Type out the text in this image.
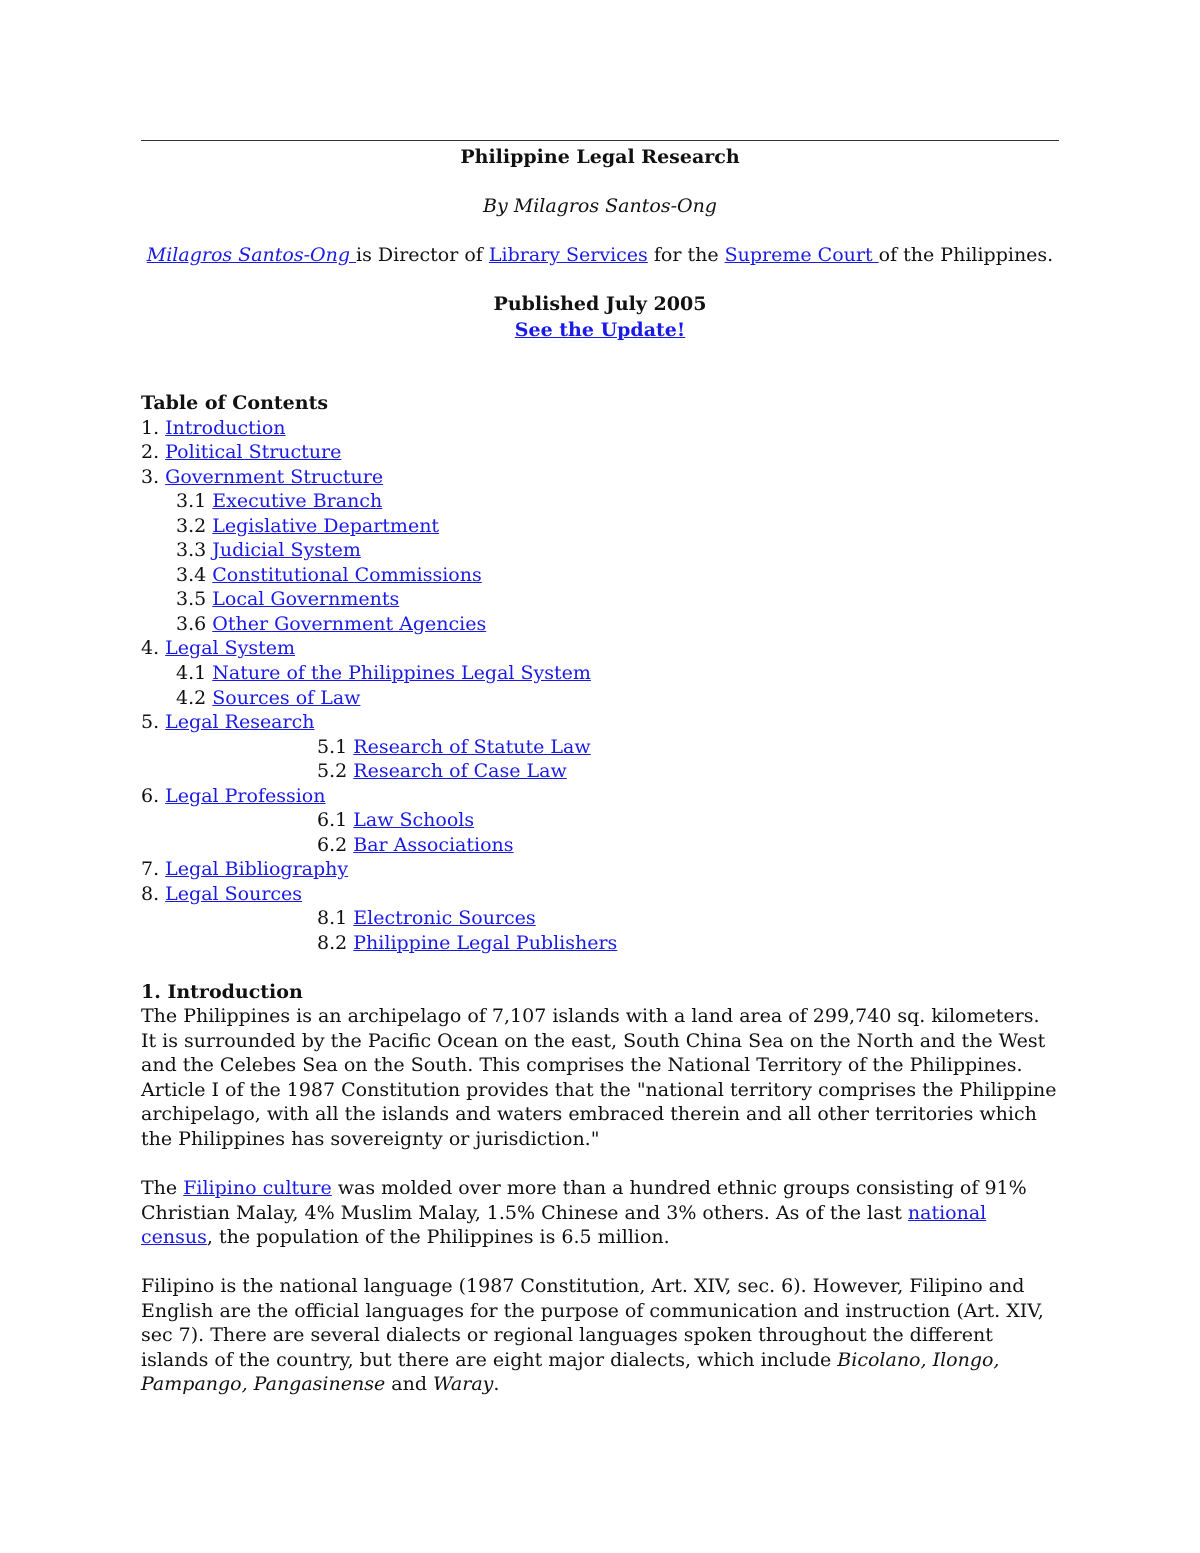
Philippine Legal Research
By Milagros Santos-Ong
Milagros Santos-Ong is Director of Library Services for the Supreme Court of the Philippines.
Published July 2005
See the Update!
Table of Contents
1. Introduction
2. Political Structure
3. Government Structure
3.1 Executive Branch
3.2 Legislative Department
3.3 Judicial System
3.4 Constitutional Commissions
3.5 Local Governments
3.6 Other Government Agencies
4. Legal System
4.1 Nature of the Philippines Legal System
4.2 Sources of Law
5. Legal Research
5.1 Research of Statute Law
5.2 Research of Case Law
6. Legal Profession
6.1 Law Schools
6.2 Bar Associations
7. Legal Bibliography
8. Legal Sources
8.1 Electronic Sources
8.2 Philippine Legal Publishers
1. Introduction

The Philippines is an archipelago of 7,107 islands with a land area of 299,740 sq. kilometers. It is surrounded by the Pacific Ocean on the east, South China Sea on the North and the West and the Celebes Sea on the South. This comprises the National Territory of the Philippines. Article I of the 1987 Constitution provides that the "national territory comprises the Philippine archipelago, with all the islands and waters embraced therein and all other territories which the Philippines has sovereignty or jurisdiction."

The Filipino culture was molded over more than a hundred ethnic groups consisting of 91% Christian Malay, 4% Muslim Malay, 1.5% Chinese and 3% others. As of the last national census, the population of the Philippines is 6.5 million.

Filipino is the national language (1987 Constitution, Art. XIV, sec. 6). However, Filipino and English are the official languages for the purpose of communication and instruction (Art. XIV, sec 7). There are several dialects or regional languages spoken throughout the different islands of the country, but there are eight major dialects, which include Bicolano, Ilongo, Pampango, Pangasinense and Waray.
